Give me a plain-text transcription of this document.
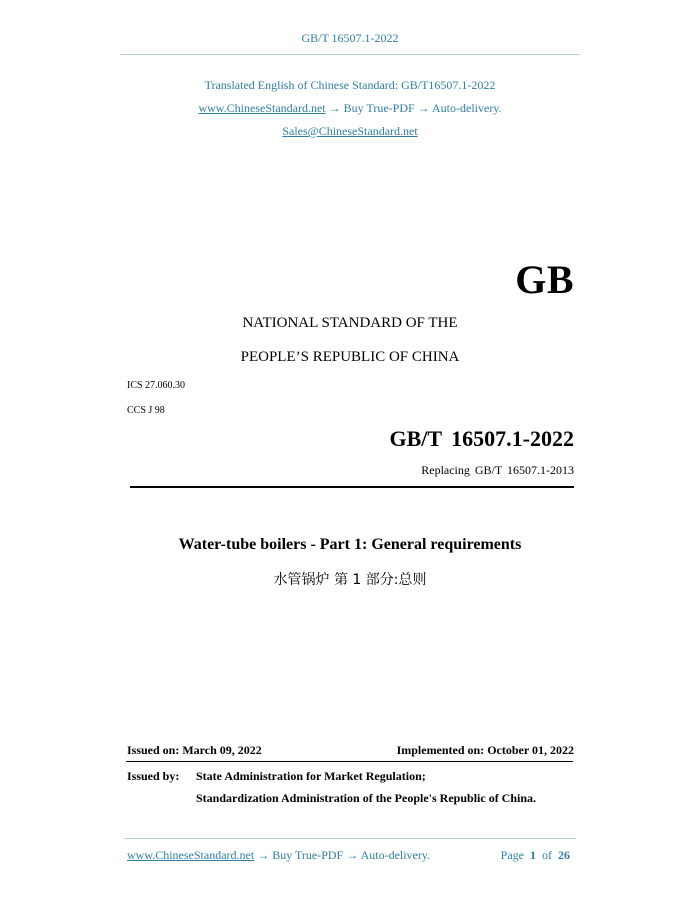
GB/T 16507.1-2022
Translated English of Chinese Standard: GB/T16507.1-2022
www.ChineseStandard.net → Buy True-PDF → Auto-delivery.
Sales@ChineseStandard.net
GB
NATIONAL STANDARD OF THE
PEOPLE’S REPUBLIC OF CHINA
ICS 27.060.30
CCS J 98
GB/T 16507.1-2022
Replacing GB/T 16507.1-2013
Water-tube boilers - Part 1: General requirements
水管锅炉 第 1 部分:总则
Issued on: March 09, 2022	Implemented on: October 01, 2022
Issued by: State Administration for Market Regulation;
Standardization Administration of the People's Republic of China.
www.ChineseStandard.net → Buy True-PDF → Auto-delivery.	Page 1 of 26
